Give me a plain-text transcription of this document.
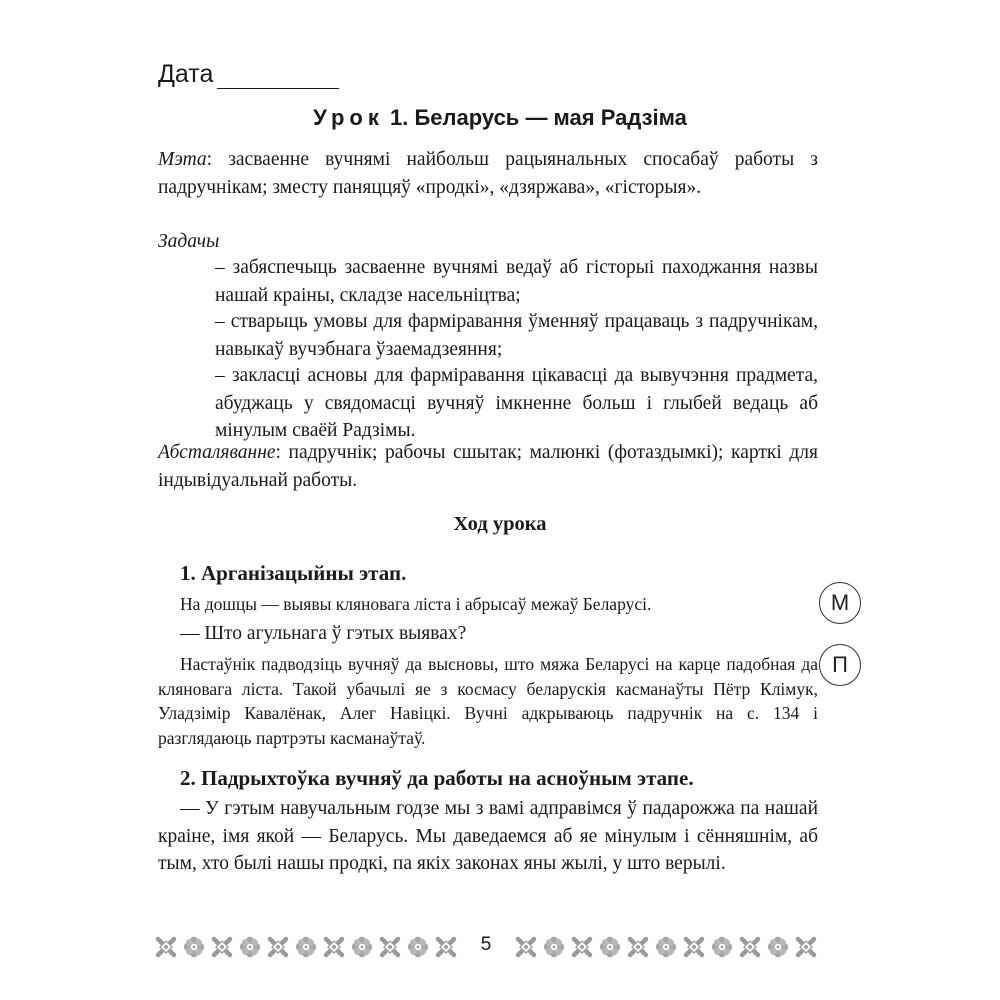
Дата
Урок 1. Беларусь — мая Радзіма
Мэта: засваенне вучнямі найбольш рацыянальных спосабаў работы з падручнікам; зместу паняццяў «продкі», «дзяржава», «гісторыя».
Задачы
– забяспечыць засваенне вучнямі ведаў аб гісторыі паходжання назвы нашай краіны, складзе насельніцтва;
– стварыць умовы для фарміравання ўменняў працаваць з падручнікам, навыкаў вучэбнага ўзаемадзеяння;
– закласці асновы для фарміравання цікавасці да вывучэння прадмета, абуджаць у свядомасці вучняў імкненне больш і глыбей ведаць аб мінулым сваёй Радзімы.
Абсталяванне: падручнік; рабочы сшытак; малюнкі (фотаздымкі); карткі для індывідуальнай работы.
Ход урока
1. Арганізацыйны этап.
На дошцы — выявы кляновага ліста і абрысаў межаў Беларусі.
— Што агульнага ў гэтых выявах?
Настаўнік падводзіць вучняў да высновы, што мяжа Беларусі на карце падобная да кляновага ліста. Такой убачылі яе з космасу беларускія касманаўты Пётр Клімук, Уладзімір Кавалёнак, Алег Навіцкі. Вучні адкрываюць падручнік на с. 134 і разглядаюць партрэты касманаўтаў.
М
П
2. Падрыхтоўка вучняў да работы на асноўным этапе.
— У гэтым навучальным годзе мы з вамі адправімся ў падарожжа па нашай краіне, імя якой — Беларусь. Мы даведаемся аб яе мінулым і сённяшнім, аб тым, хто былі нашы продкі, па якіх законах яны жылі, у што верылі.
5
